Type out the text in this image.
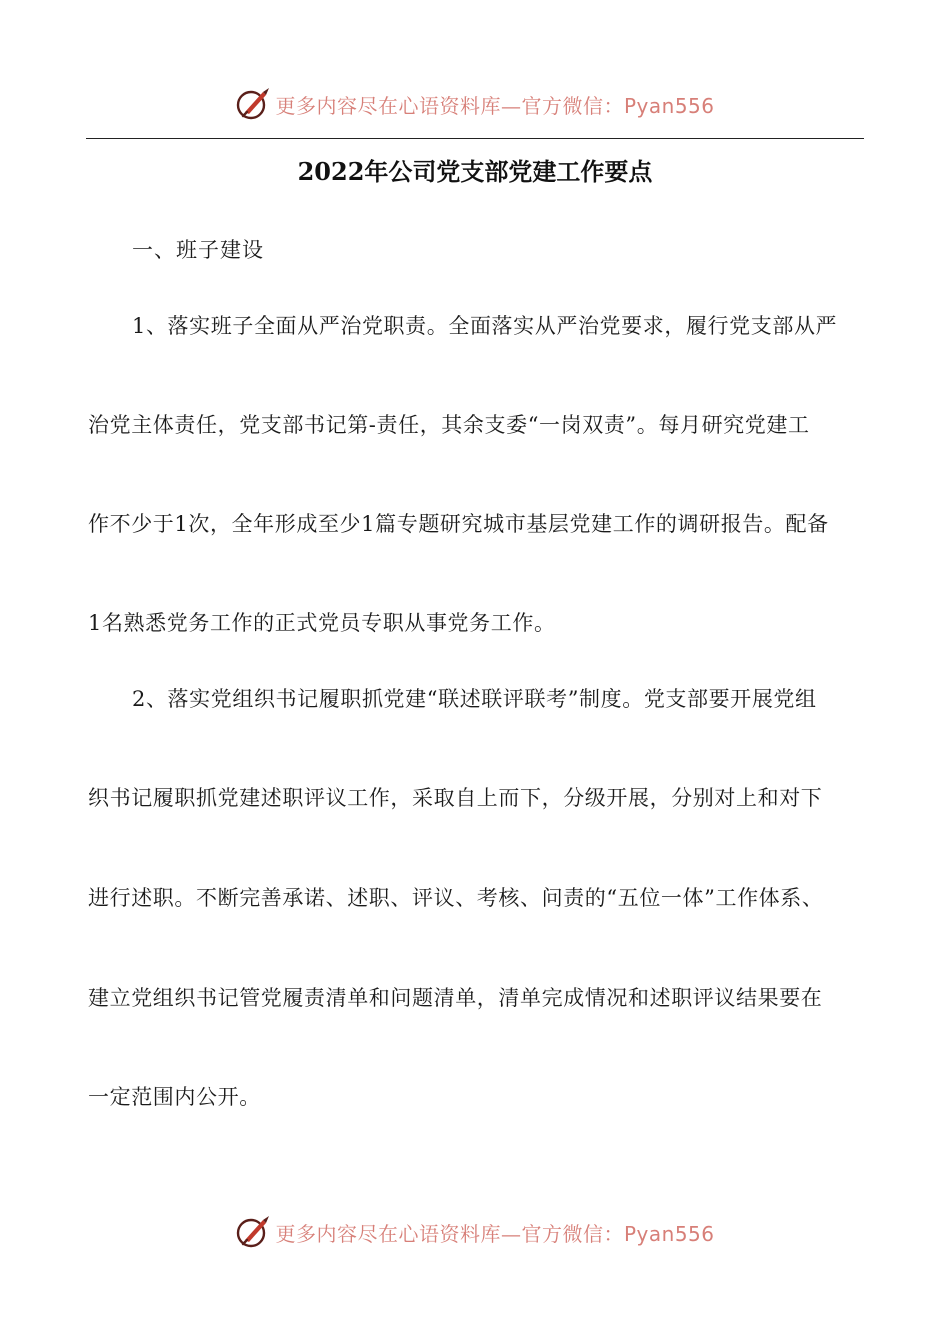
更多内容尽在心语资料库—官方微信：Pyan556
2022年公司党支部党建工作要点
一、班子建设
1、落实班子全面从严治党职责。全面落实从严治党要求，履行党支部从严
治党主体责任，党支部书记第-责任，其余支委“一岗双责”。每月研究党建工
作不少于1次，全年形成至少1篇专题研究城市基层党建工作的调研报告。配备
1名熟悉党务工作的正式党员专职从事党务工作。
2、落实党组织书记履职抓党建“联述联评联考”制度。党支部要开展党组
织书记履职抓党建述职评议工作，采取自上而下，分级开展，分别对上和对下
进行述职。不断完善承诺、述职、评议、考核、问责的“五位一体”工作体系、
建立党组织书记管党履责清单和问题清单，清单完成情况和述职评议结果要在
一定范围内公开。
更多内容尽在心语资料库—官方微信：Pyan556
